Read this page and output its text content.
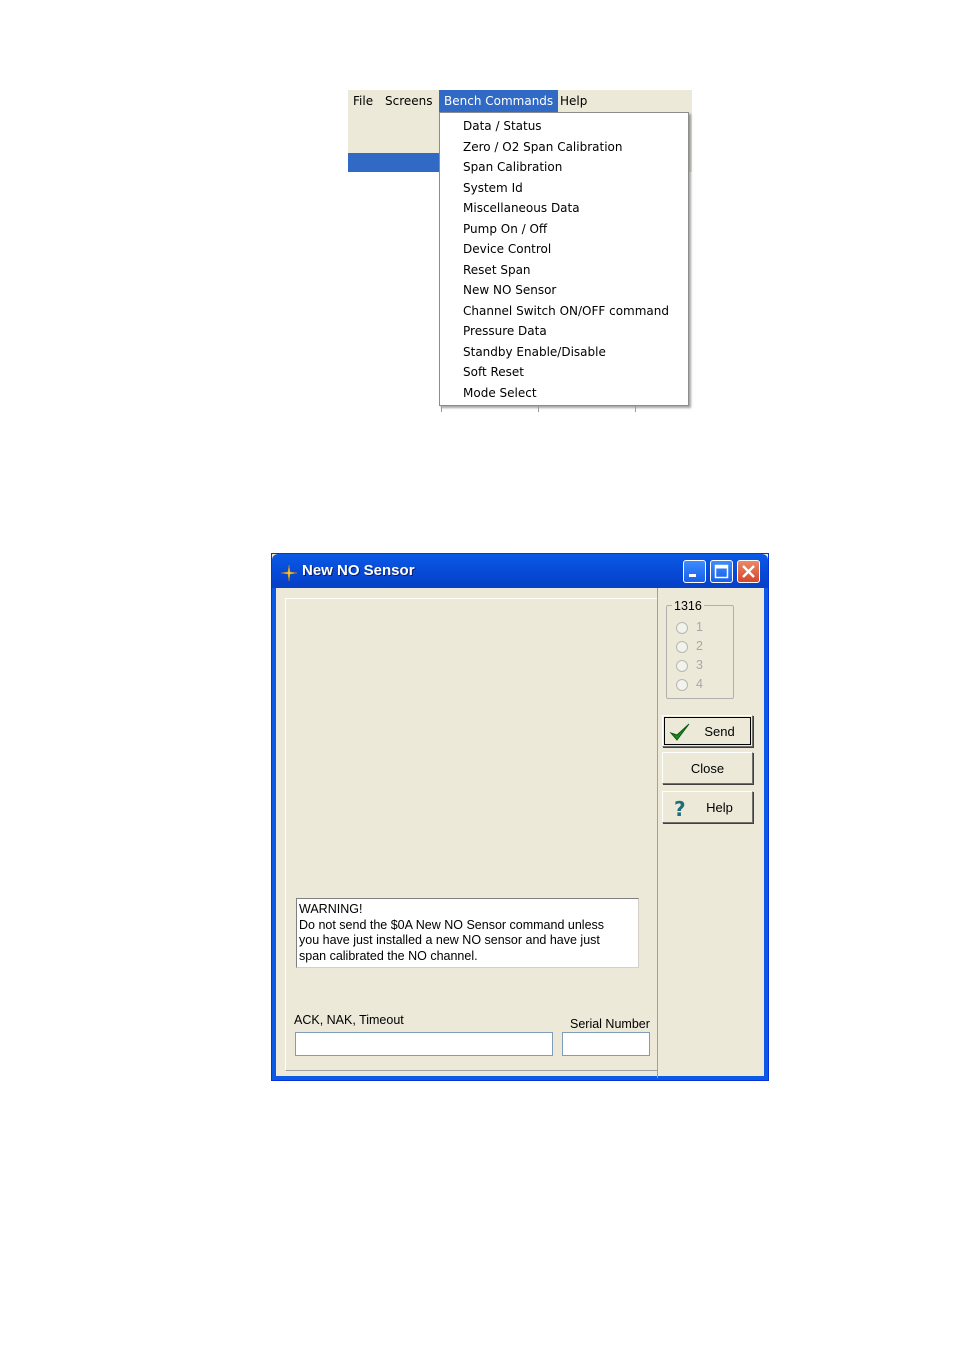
File Screens Bench Commands Help
Data / Status
Zero / O2 Span Calibration
Span Calibration
System Id
Miscellaneous Data
Pump On / Off
Device Control
Reset Span
New NO Sensor
Channel Switch ON/OFF command
Pressure Data
Standby Enable/Disable
Soft Reset
Mode Select
New NO Sensor
WARNING!
Do not send the $0A New NO Sensor command unless
you have just installed a new NO sensor and have just
span calibrated the NO channel.
ACK, NAK, Timeout	Serial Number
1316
1
2
3
4
Send
Close
?	Help
